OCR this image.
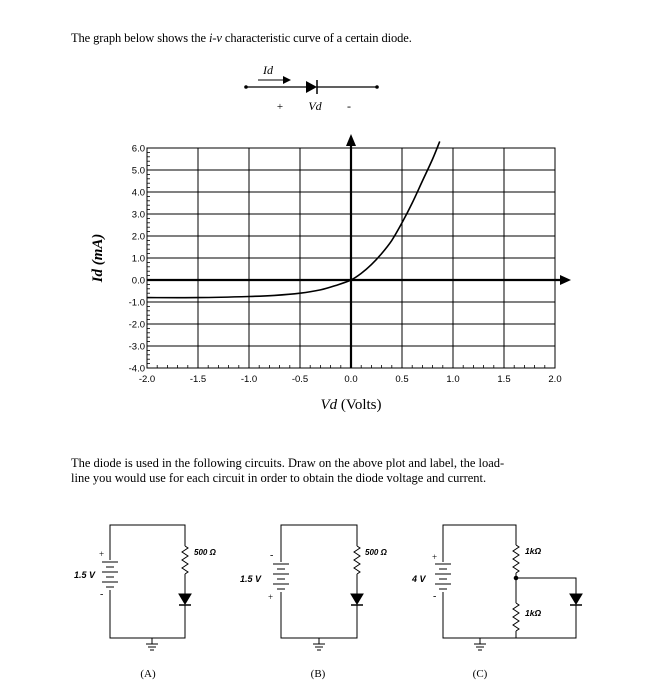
The graph below shows the i-v characteristic curve of a certain diode.
Id
+ Vd -
-2.0	-1.5	-1.0	-0.5	0.0	0.5	1.0	1.5	2.0
6.0
5.0
4.0
3.0
2.0
1.0
0.0
-1.0
-2.0
-3.0
-4.0
Vd (Volts)
Id (mA)
500 Ω
1.5 V
+
-
(A)
500 Ω
1.5 V
-
+
(B)
1kΩ
1kΩ
4 V
+
-
(C)
The diode is used in the following circuits. Draw on the above plot and label, the load-
line you would use for each circuit in order to obtain the diode voltage and current.
